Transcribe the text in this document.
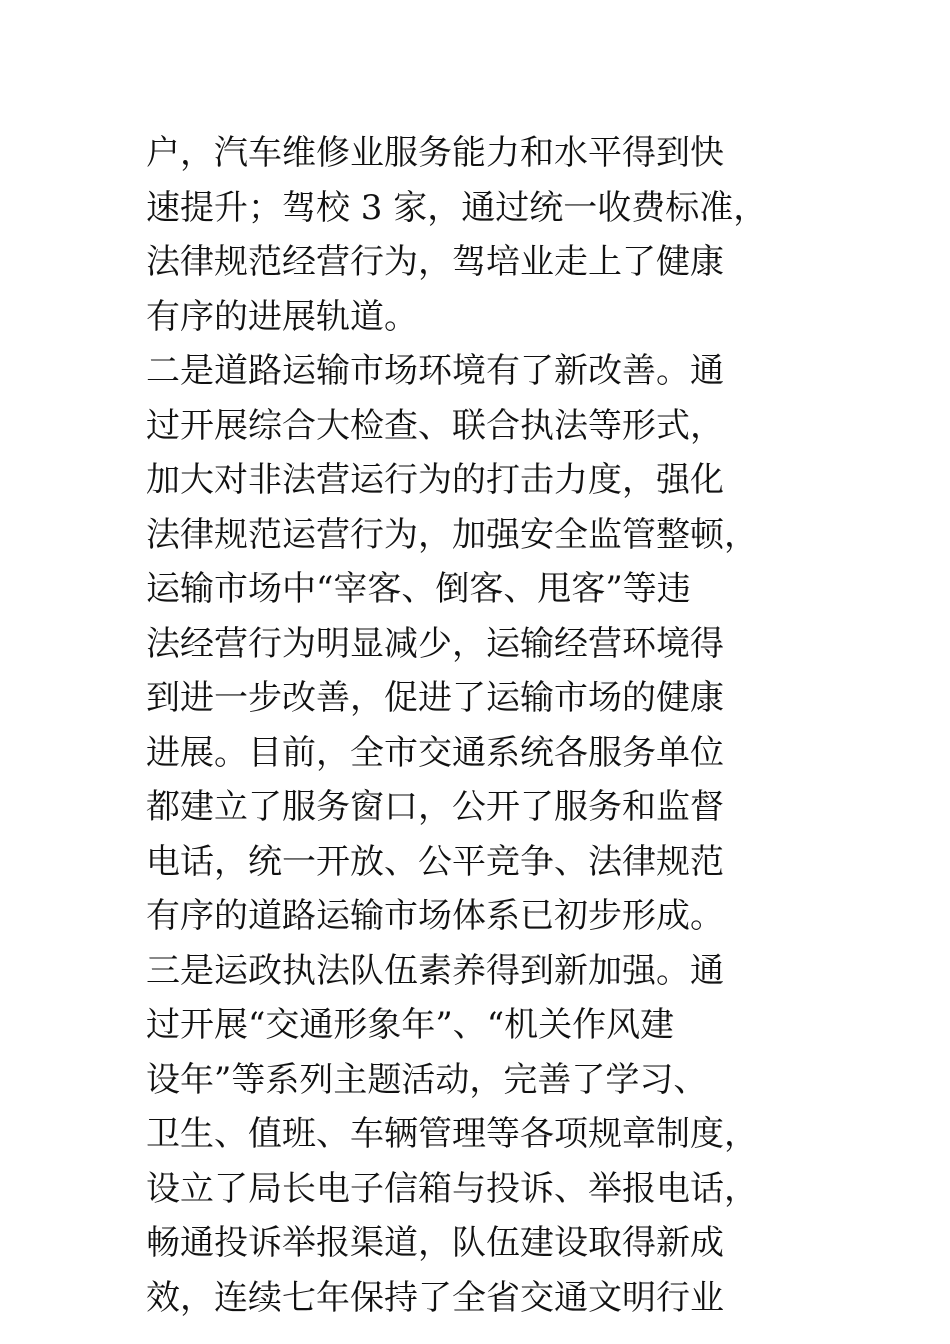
户，汽车维修业服务能力和水平得到快
速提升；驾校 3 家，通过统一收费标准，
法律规范经营行为，驾培业走上了健康
有序的进展轨道。
二是道路运输市场环境有了新改善。通
过开展综合大检查、联合执法等形式，
加大对非法营运行为的打击力度，强化
法律规范运营行为，加强安全监管整顿，
运输市场中“宰客、倒客、甩客”等违
法经营行为明显减少，运输经营环境得
到进一步改善，促进了运输市场的健康
进展。目前，全市交通系统各服务单位
都建立了服务窗口，公开了服务和监督
电话，统一开放、公平竞争、法律规范
有序的道路运输市场体系已初步形成。
三是运政执法队伍素养得到新加强。通
过开展“交通形象年”、“机关作风建
设年”等系列主题活动，完善了学习、
卫生、值班、车辆管理等各项规章制度，
设立了局长电子信箱与投诉、举报电话，
畅通投诉举报渠道，队伍建设取得新成
效，连续七年保持了全省交通文明行业
